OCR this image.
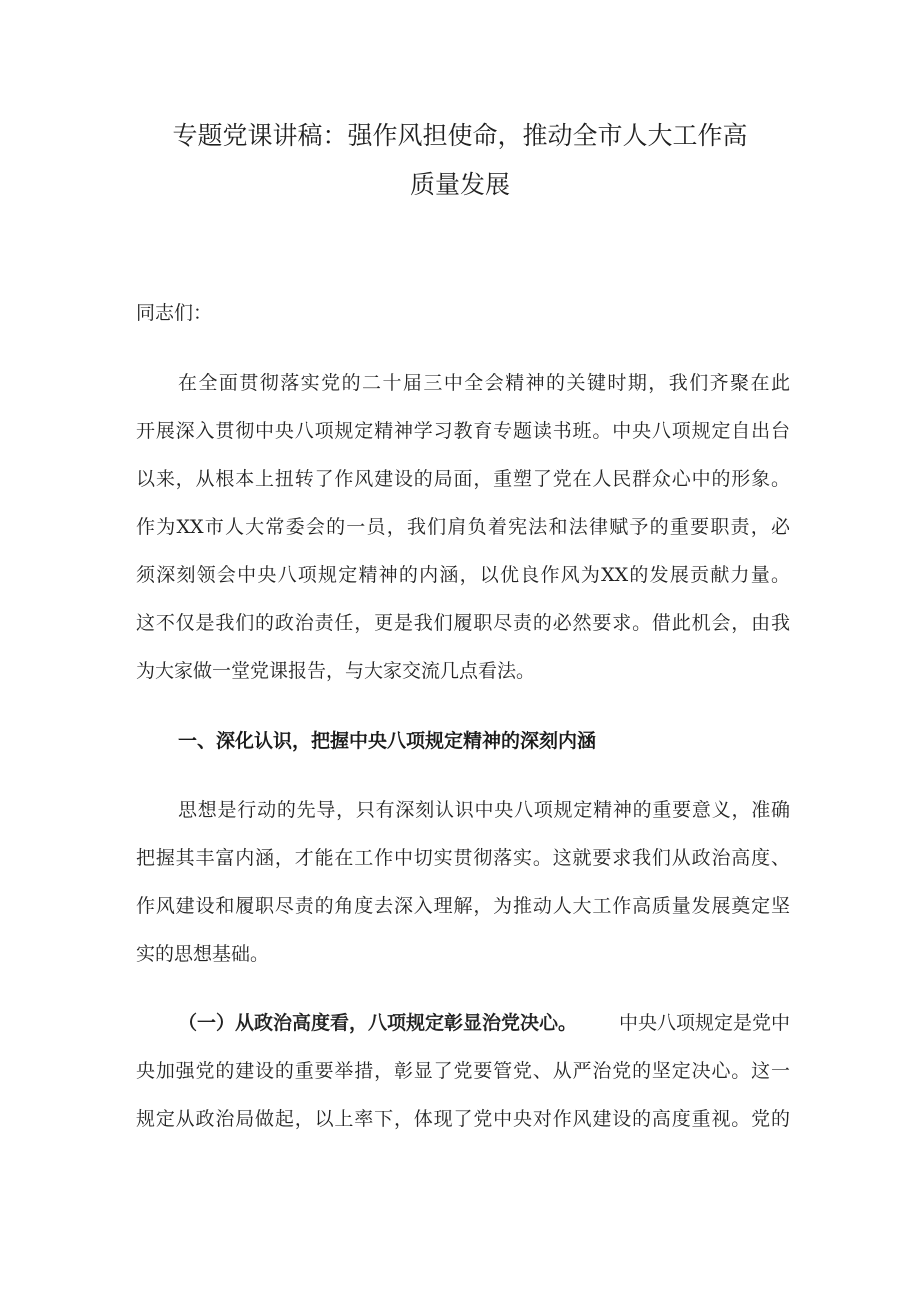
专题党课讲稿：强作风担使命，推动全市人大工作高
质量发展
同志们：
在全面贯彻落实党的二十届三中全会精神的关键时期，我们齐聚在此
开展深入贯彻中央八项规定精神学习教育专题读书班。中央八项规定自出台
以来，从根本上扭转了作风建设的局面，重塑了党在人民群众心中的形象。
作为XX市人大常委会的一员，我们肩负着宪法和法律赋予的重要职责，必
须深刻领会中央八项规定精神的内涵，以优良作风为XX的发展贡献力量。
这不仅是我们的政治责任，更是我们履职尽责的必然要求。借此机会，由我
为大家做一堂党课报告，与大家交流几点看法。
一、深化认识，把握中央八项规定精神的深刻内涵
思想是行动的先导，只有深刻认识中央八项规定精神的重要意义，准确
把握其丰富内涵，才能在工作中切实贯彻落实。这就要求我们从政治高度、
作风建设和履职尽责的角度去深入理解，为推动人大工作高质量发展奠定坚
实的思想基础。
（一）从政治高度看，八项规定彰显治党决心。 中央八项规定是党中
央加强党的建设的重要举措，彰显了党要管党、从严治党的坚定决心。这一
规定从政治局做起，以上率下，体现了党中央对作风建设的高度重视。党的
